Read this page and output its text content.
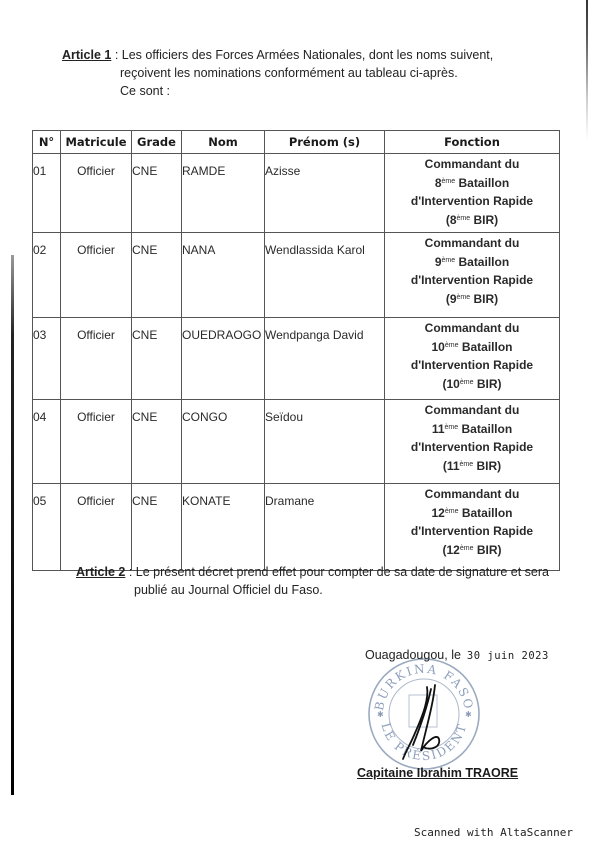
Article 1 : Les officiers des Forces Armées Nationales, dont les noms suivent,
reçoivent les nominations conformément au tableau ci-après.
Ce sont :
N°	Matricule	Grade	Nom	Prénom (s)	Fonction
01	Officier	CNE	RAMDE	Azisse	Commandant du
8ème Bataillon
d'Intervention Rapide
(8ème BIR)

02	Officier	CNE	NANA	Wendlassida Karol	Commandant du
9ème Bataillon
d'Intervention Rapide
(9ème BIR)

03	Officier	CNE	OUEDRAOGO	Wendpanga David	Commandant du
10ème Bataillon
d'Intervention Rapide
(10ème BIR)

04	Officier	CNE	CONGO	Seïdou	Commandant du
11ème Bataillon
d'Intervention Rapide
(11ème BIR)

05	Officier	CNE	KONATE	Dramane	Commandant du
12ème Bataillon
d'Intervention Rapide
(12ème BIR)
Article 2 : Le présent décret prend effet pour compter de sa date de signature et sera
publié au Journal Officiel du Faso.
BURKINA FASO
LE PRÉSIDENT
✱	✱
Ouagadougou, le 30 juin 2023
Capitaine Ibrahim TRAORE
Scanned with AltaScanner
